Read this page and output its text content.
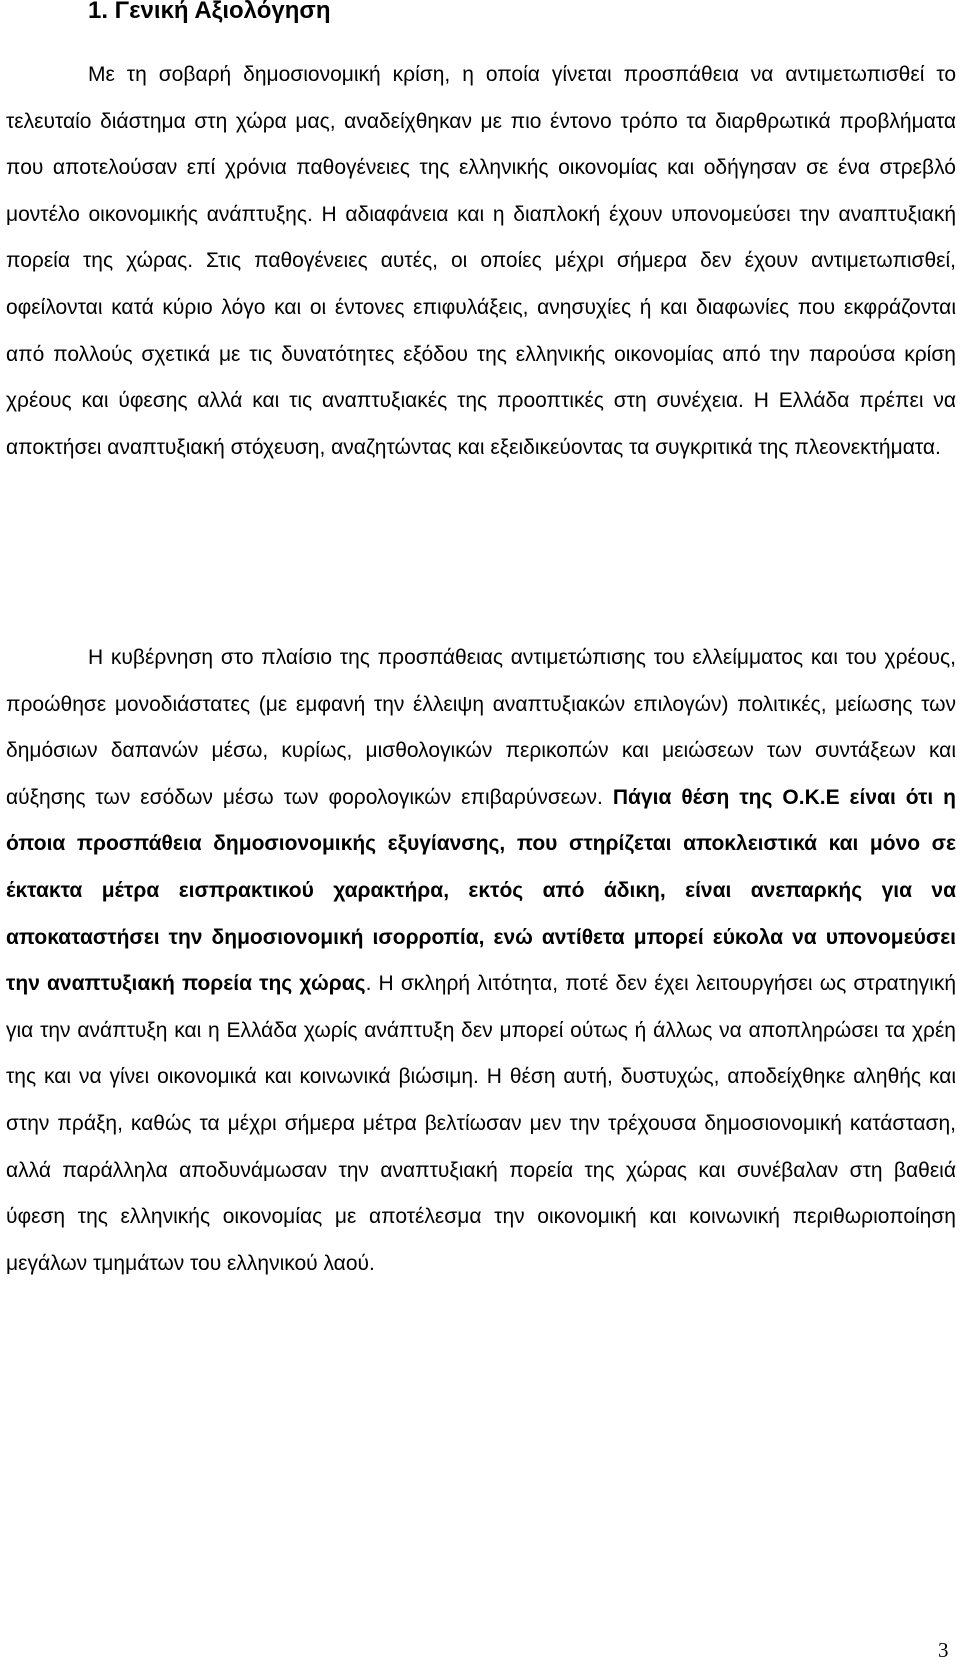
1. Γενική Αξιολόγηση

Με τη σοβαρή δημοσιονομική κρίση, η οποία γίνεται προσπάθεια να αντιμετωπισθεί το τελευταίο διάστημα στη χώρα μας, αναδείχθηκαν με πιο έντονο τρόπο τα διαρθρωτικά προβλήματα που αποτελούσαν επί χρόνια παθογένειες της ελληνικής οικονομίας και οδήγησαν σε ένα στρεβλό μοντέλο οικονομικής ανάπτυξης. Η αδιαφάνεια και η διαπλοκή έχουν υπονομεύσει την αναπτυξιακή πορεία της χώρας. Στις παθογένειες αυτές, οι οποίες μέχρι σήμερα δεν έχουν αντιμετωπισθεί, οφείλονται κατά κύριο λόγο και οι έντονες επιφυλάξεις, ανησυχίες ή και διαφωνίες που εκφράζονται από πολλούς σχετικά με τις δυνατότητες εξόδου της ελληνικής οικονομίας από την παρούσα κρίση χρέους και ύφεσης αλλά και τις αναπτυξιακές της προοπτικές στη συνέχεια. Η Ελλάδα πρέπει να αποκτήσει αναπτυξιακή στόχευση, αναζητώντας και εξειδικεύοντας τα συγκριτικά της πλεονεκτήματα.

Η κυβέρνηση στο πλαίσιο της προσπάθειας αντιμετώπισης του ελλείμματος και του χρέους, προώθησε μονοδιάστατες (με εμφανή την έλλειψη αναπτυξιακών επιλογών) πολιτικές, μείωσης των δημόσιων δαπανών μέσω, κυρίως, μισθολογικών περικοπών και μειώσεων των συντάξεων και αύξησης των εσόδων μέσω των φορολογικών επιβαρύνσεων. Πάγια θέση της Ο.Κ.Ε είναι ότι η όποια προσπάθεια δημοσιονομικής εξυγίανσης, που στηρίζεται αποκλειστικά και μόνο σε έκτακτα μέτρα εισπρακτικού χαρακτήρα, εκτός από άδικη, είναι ανεπαρκής για να αποκαταστήσει την δημοσιονομική ισορροπία, ενώ αντίθετα μπορεί εύκολα να υπονομεύσει την αναπτυξιακή πορεία της χώρας. Η σκληρή λιτότητα, ποτέ δεν έχει λειτουργήσει ως στρατηγική για την ανάπτυξη και η Ελλάδα χωρίς ανάπτυξη δεν μπορεί ούτως ή άλλως να αποπληρώσει τα χρέη της και να γίνει οικονομικά και κοινωνικά βιώσιμη. Η θέση αυτή, δυστυχώς, αποδείχθηκε αληθής και στην πράξη, καθώς τα μέχρι σήμερα μέτρα βελτίωσαν μεν την τρέχουσα δημοσιονομική κατάσταση, αλλά παράλληλα αποδυνάμωσαν την αναπτυξιακή πορεία της χώρας και συνέβαλαν στη βαθειά ύφεση της ελληνικής οικονομίας με αποτέλεσμα την οικονομική και κοινωνική περιθωριοποίηση μεγάλων τμημάτων του ελληνικού λαού.

3
